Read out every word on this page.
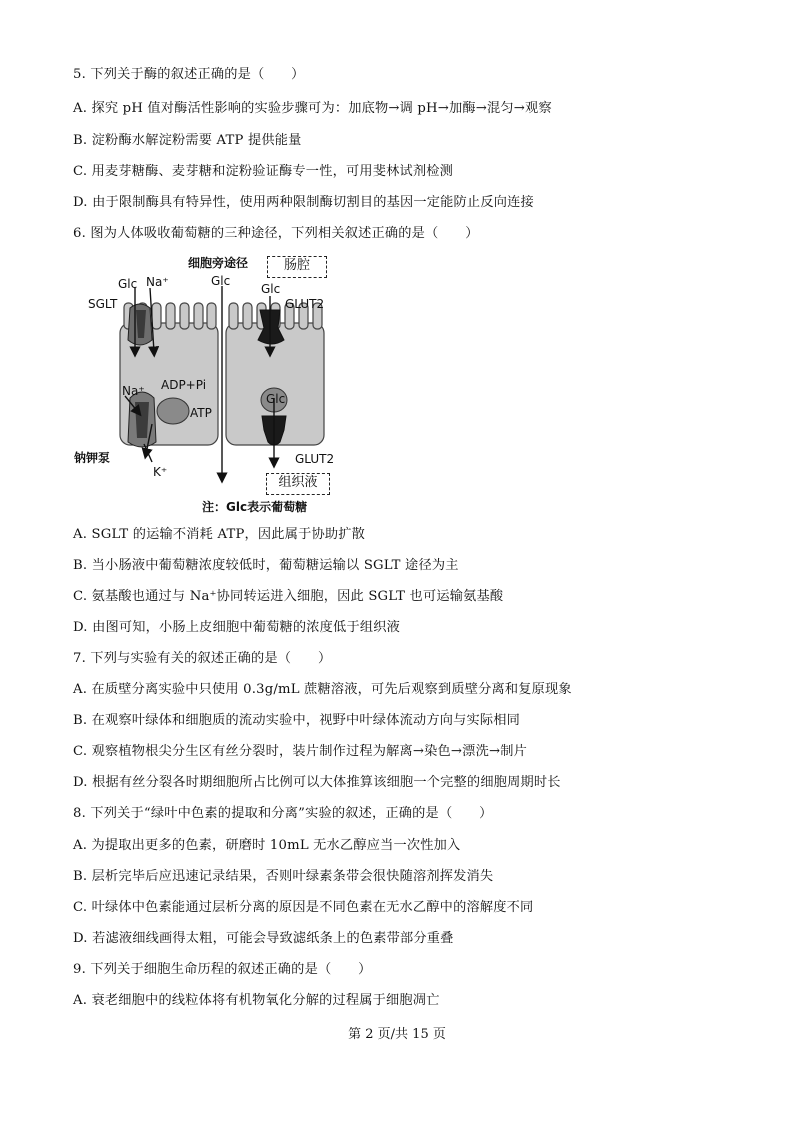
5. 下列关于酶的叙述正确的是（　　）
A. 探究 pH 值对酶活性影响的实验步骤可为：加底物→调 pH→加酶→混匀→观察
B. 淀粉酶水解淀粉需要 ATP 提供能量
C. 用麦芽糖酶、麦芽糖和淀粉验证酶专一性，可用斐林试剂检测
D. 由于限制酶具有特异性，使用两种限制酶切割目的基因一定能防止反向连接
6. 图为人体吸收葡萄糖的三种途径，下列相关叙述正确的是（　　）
细胞旁途径	肠腔
Glc
Glc Na⁺
SGLT
Glc
GLUT2
Na⁺ ADP+Pi
ATP
Glc
钠钾泵
K⁺
GLUT2
组织液
注：Glc表示葡萄糖
A. SGLT 的运输不消耗 ATP，因此属于协助扩散
B. 当小肠液中葡萄糖浓度较低时，葡萄糖运输以 SGLT 途径为主
C. 氨基酸也通过与 Na⁺协同转运进入细胞，因此 SGLT 也可运输氨基酸
D. 由图可知，小肠上皮细胞中葡萄糖的浓度低于组织液
7. 下列与实验有关的叙述正确的是（　　）
A. 在质壁分离实验中只使用 0.3g/mL 蔗糖溶液，可先后观察到质壁分离和复原现象
B. 在观察叶绿体和细胞质的流动实验中，视野中叶绿体流动方向与实际相同
C. 观察植物根尖分生区有丝分裂时，装片制作过程为解离→染色→漂洗→制片
D. 根据有丝分裂各时期细胞所占比例可以大体推算该细胞一个完整的细胞周期时长
8. 下列关于“绿叶中色素的提取和分离”实验的叙述，正确的是（　　）
A. 为提取出更多的色素，研磨时 10mL 无水乙醇应当一次性加入
B. 层析完毕后应迅速记录结果，否则叶绿素条带会很快随溶剂挥发消失
C. 叶绿体中色素能通过层析分离的原因是不同色素在无水乙醇中的溶解度不同
D. 若滤液细线画得太粗，可能会导致滤纸条上的色素带部分重叠
9. 下列关于细胞生命历程的叙述正确的是（　　）
A. 衰老细胞中的线粒体将有机物氧化分解的过程属于细胞凋亡
第 2 页/共 15 页
